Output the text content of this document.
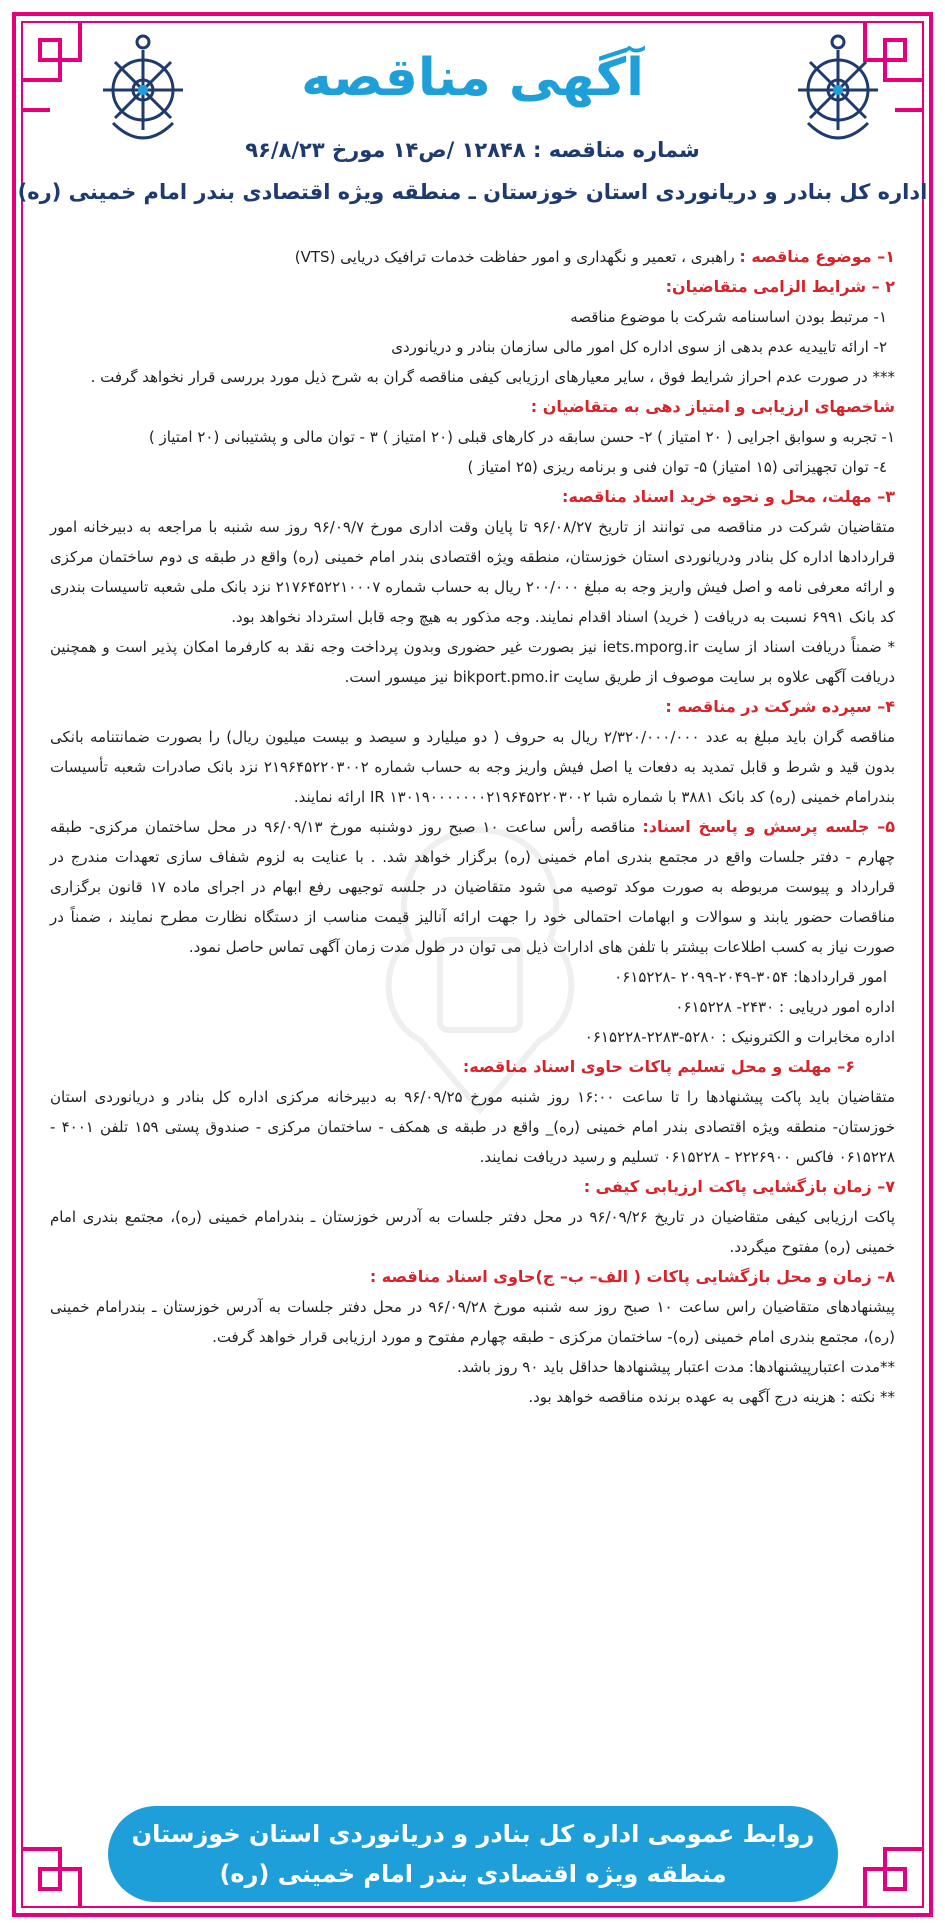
آگهی مناقصه
شماره مناقصه : ۱۲۸۴۸ /ص۱۴ مورخ ۹۶/۸/۲۳
اداره کل بنادر و دریانوردی استان خوزستان ـ منطقه ویژه اقتصادی بندر امام خمینی (ره)

۱– موضوع مناقصه : راهبری ، تعمیر و نگهداری و امور حفاظت خدمات ترافیک دریایی (VTS)

۲ – شرایط الزامی متقاضیان:

۱- مرتبط بودن اساسنامه شرکت با موضوع مناقصه

۲- ارائه تاییدیه عدم بدهی از سوی اداره کل امور مالی سازمان بنادر و دریانوردی

*** در صورت عدم احراز شرایط فوق ، سایر معیارهای ارزیابی کیفی مناقصه گران به شرح ذیل مورد بررسی قرار نخواهد گرفت .

شاخصهای ارزیابی و امتیاز دهی به متقاضیان :

۱- تجربه و سوابق اجرایی ( ۲۰ امتیاز ) ۲- حسن سابقه در کارهای قبلی (۲۰ امتیاز ) ۳ - توان مالی و پشتیبانی (۲۰ امتیاز )

٤- توان تجهیزاتی (۱۵ امتیاز) ۵- توان فنی و برنامه ریزی (۲۵ امتیاز )

۳– مهلت، محل و نحوه خرید اسناد مناقصه:

متقاضیان شرکت در مناقصه می توانند از تاریخ ۹۶/۰۸/۲۷ تا پایان وقت اداری مورخ ۹۶/۰۹/۷ روز سه شنبه با مراجعه به دبیرخانه امور قراردادها اداره کل بنادر ودریانوردی استان خوزستان، منطقه ویژه اقتصادی بندر امام خمینی (ره) واقع در طبقه ی دوم ساختمان مرکزی و ارائه معرفی نامه و اصل فیش واریز وجه به مبلغ ۲۰۰/۰۰۰ ریال به حساب شماره ۲۱۷۶۴۵۲۲۱۰۰۰۷ نزد بانک ملی شعبه تاسیسات بندری کد بانک ۶۹۹۱ نسبت به دریافت ( خرید) اسناد اقدام نمایند. وجه مذکور به هیچ وجه قابل استرداد نخواهد بود.

* ضمناً دریافت اسناد از سایت iets.mporg.ir نیز بصورت غیر حضوری وبدون پرداخت وجه نقد به کارفرما امکان پذیر است و همچنین دریافت آگهی علاوه بر سایت موصوف از طریق سایت bikport.pmo.ir نیز میسور است.

۴– سپرده شرکت در مناقصه :

مناقصه گران باید مبلغ به عدد ۲/۳۲۰/۰۰۰/۰۰۰ ریال به حروف ( دو میلیارد و سیصد و بیست میلیون ریال) را بصورت ضمانتنامه بانکی بدون قید و شرط و قابل تمدید به دفعات یا اصل فیش واریز وجه به حساب شماره ۲۱۹۶۴۵۲۲۰۳۰۰۲ نزد بانک صادرات شعبه تأسیسات بندرامام خمینی (ره) کد بانک ۳۸۸۱ با شماره شبا IR ۱۳۰۱۹۰۰۰۰۰۰۰۲۱۹۶۴۵۲۲۰۳۰۰۲ ارائه نمایند.

۵– جلسه پرسش و پاسخ اسناد: مناقصه رأس ساعت ۱۰ صبح روز دوشنبه مورخ ۹۶/۰۹/۱۳ در محل ساختمان مرکزی- طبقه چهارم - دفتر جلسات واقع در مجتمع بندری امام خمینی (ره) برگزار خواهد شد. . با عنایت به لزوم شفاف سازی تعهدات مندرج در قرارداد و پیوست مربوطه به صورت موکد توصیه می شود متقاضیان در جلسه توجیهی رفع ابهام در اجرای ماده ۱۷ قانون برگزاری مناقصات حضور یابند و سوالات و ابهامات احتمالی خود را جهت ارائه آنالیز قیمت مناسب از دستگاه نظارت مطرح نمایند ، ضمناً در صورت نیاز به کسب اطلاعات بیشتر با تلفن های ادارات ذیل می توان در طول مدت زمان آگهی تماس حاصل نمود.

امور قراردادها: ۳۰۵۴-۲۰۴۹-۲۰۹۹ -۰۶۱۵۲۲۸

اداره امور دریایی : ۲۴۳۰- ۰۶۱۵۲۲۸

اداره مخابرات و الکترونیک : ۵۲۸۰-۲۲۸۳-۰۶۱۵۲۲۸

۶– مهلت و محل تسلیم پاکات حاوی اسناد مناقصه:

متقاضیان باید پاکت پیشنهادها را تا ساعت ۱۶:۰۰ روز شنبه مورخ ۹۶/۰۹/۲۵ به دبیرخانه مرکزی اداره کل بنادر و دریانوردی استان خوزستان- منطقه ویژه اقتصادی بندر امام خمینی (ره)_ واقع در طبقه ی همکف - ساختمان مرکزی - صندوق پستی ۱۵۹ تلفن ۴۰۰۱ - ۰۶۱۵۲۲۸ فاکس ۲۲۲۶۹۰۰ - ۰۶۱۵۲۲۸ تسلیم و رسید دریافت نمایند.

۷– زمان بازگشایی پاکت ارزیابی کیفی :

پاکت ارزیابی کیفی متقاضیان در تاریخ ۹۶/۰۹/۲۶ در محل دفتر جلسات به آدرس خوزستان ـ بندرامام خمینی (ره)، مجتمع بندری امام خمینی (ره) مفتوح میگردد.

۸– زمان و محل بازگشایی پاکات ( الف– ب– ج)حاوی اسناد مناقصه :

پیشنهادهای متقاضیان راس ساعت ۱۰ صبح روز سه شنبه مورخ ۹۶/۰۹/۲۸ در محل دفتر جلسات به آدرس خوزستان ـ بندرامام خمینی (ره)، مجتمع بندری امام خمینی (ره)- ساختمان مرکزی - طبقه چهارم مفتوح و مورد ارزیابی قرار خواهد گرفت.

**مدت اعتبارپیشنهادها: مدت اعتبار پیشنهادها حداقل باید ۹۰ روز باشد.

** نکته : هزینه درج آگهی به عهده برنده مناقصه خواهد بود.

روابط عمومی اداره کل بنادر و دریانوردی استان خوزستان
منطقه ویژه اقتصادی بندر امام خمینی (ره)
